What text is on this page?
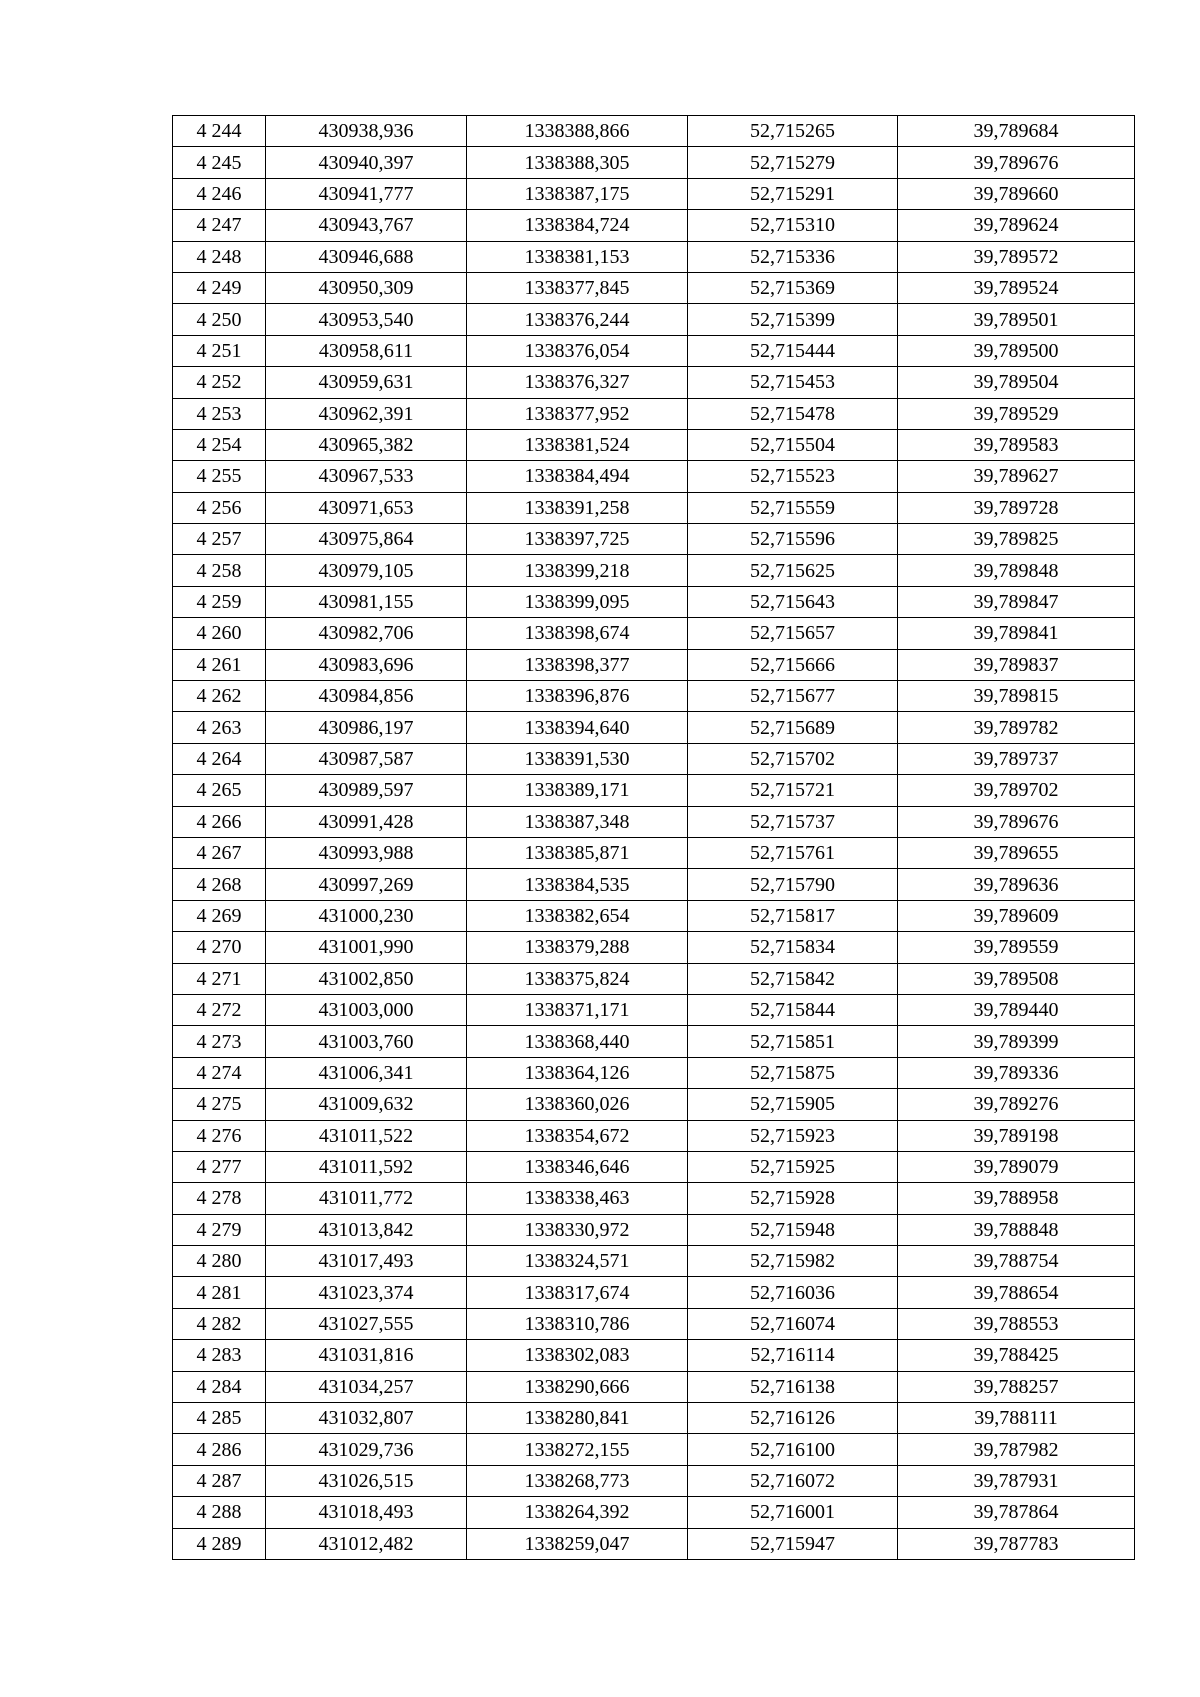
4 244	430938,936	1338388,866	52,715265	39,789684
4 245	430940,397	1338388,305	52,715279	39,789676
4 246	430941,777	1338387,175	52,715291	39,789660
4 247	430943,767	1338384,724	52,715310	39,789624
4 248	430946,688	1338381,153	52,715336	39,789572
4 249	430950,309	1338377,845	52,715369	39,789524
4 250	430953,540	1338376,244	52,715399	39,789501
4 251	430958,611	1338376,054	52,715444	39,789500
4 252	430959,631	1338376,327	52,715453	39,789504
4 253	430962,391	1338377,952	52,715478	39,789529
4 254	430965,382	1338381,524	52,715504	39,789583
4 255	430967,533	1338384,494	52,715523	39,789627
4 256	430971,653	1338391,258	52,715559	39,789728
4 257	430975,864	1338397,725	52,715596	39,789825
4 258	430979,105	1338399,218	52,715625	39,789848
4 259	430981,155	1338399,095	52,715643	39,789847
4 260	430982,706	1338398,674	52,715657	39,789841
4 261	430983,696	1338398,377	52,715666	39,789837
4 262	430984,856	1338396,876	52,715677	39,789815
4 263	430986,197	1338394,640	52,715689	39,789782
4 264	430987,587	1338391,530	52,715702	39,789737
4 265	430989,597	1338389,171	52,715721	39,789702
4 266	430991,428	1338387,348	52,715737	39,789676
4 267	430993,988	1338385,871	52,715761	39,789655
4 268	430997,269	1338384,535	52,715790	39,789636
4 269	431000,230	1338382,654	52,715817	39,789609
4 270	431001,990	1338379,288	52,715834	39,789559
4 271	431002,850	1338375,824	52,715842	39,789508
4 272	431003,000	1338371,171	52,715844	39,789440
4 273	431003,760	1338368,440	52,715851	39,789399
4 274	431006,341	1338364,126	52,715875	39,789336
4 275	431009,632	1338360,026	52,715905	39,789276
4 276	431011,522	1338354,672	52,715923	39,789198
4 277	431011,592	1338346,646	52,715925	39,789079
4 278	431011,772	1338338,463	52,715928	39,788958
4 279	431013,842	1338330,972	52,715948	39,788848
4 280	431017,493	1338324,571	52,715982	39,788754
4 281	431023,374	1338317,674	52,716036	39,788654
4 282	431027,555	1338310,786	52,716074	39,788553
4 283	431031,816	1338302,083	52,716114	39,788425
4 284	431034,257	1338290,666	52,716138	39,788257
4 285	431032,807	1338280,841	52,716126	39,788111
4 286	431029,736	1338272,155	52,716100	39,787982
4 287	431026,515	1338268,773	52,716072	39,787931
4 288	431018,493	1338264,392	52,716001	39,787864
4 289	431012,482	1338259,047	52,715947	39,787783
